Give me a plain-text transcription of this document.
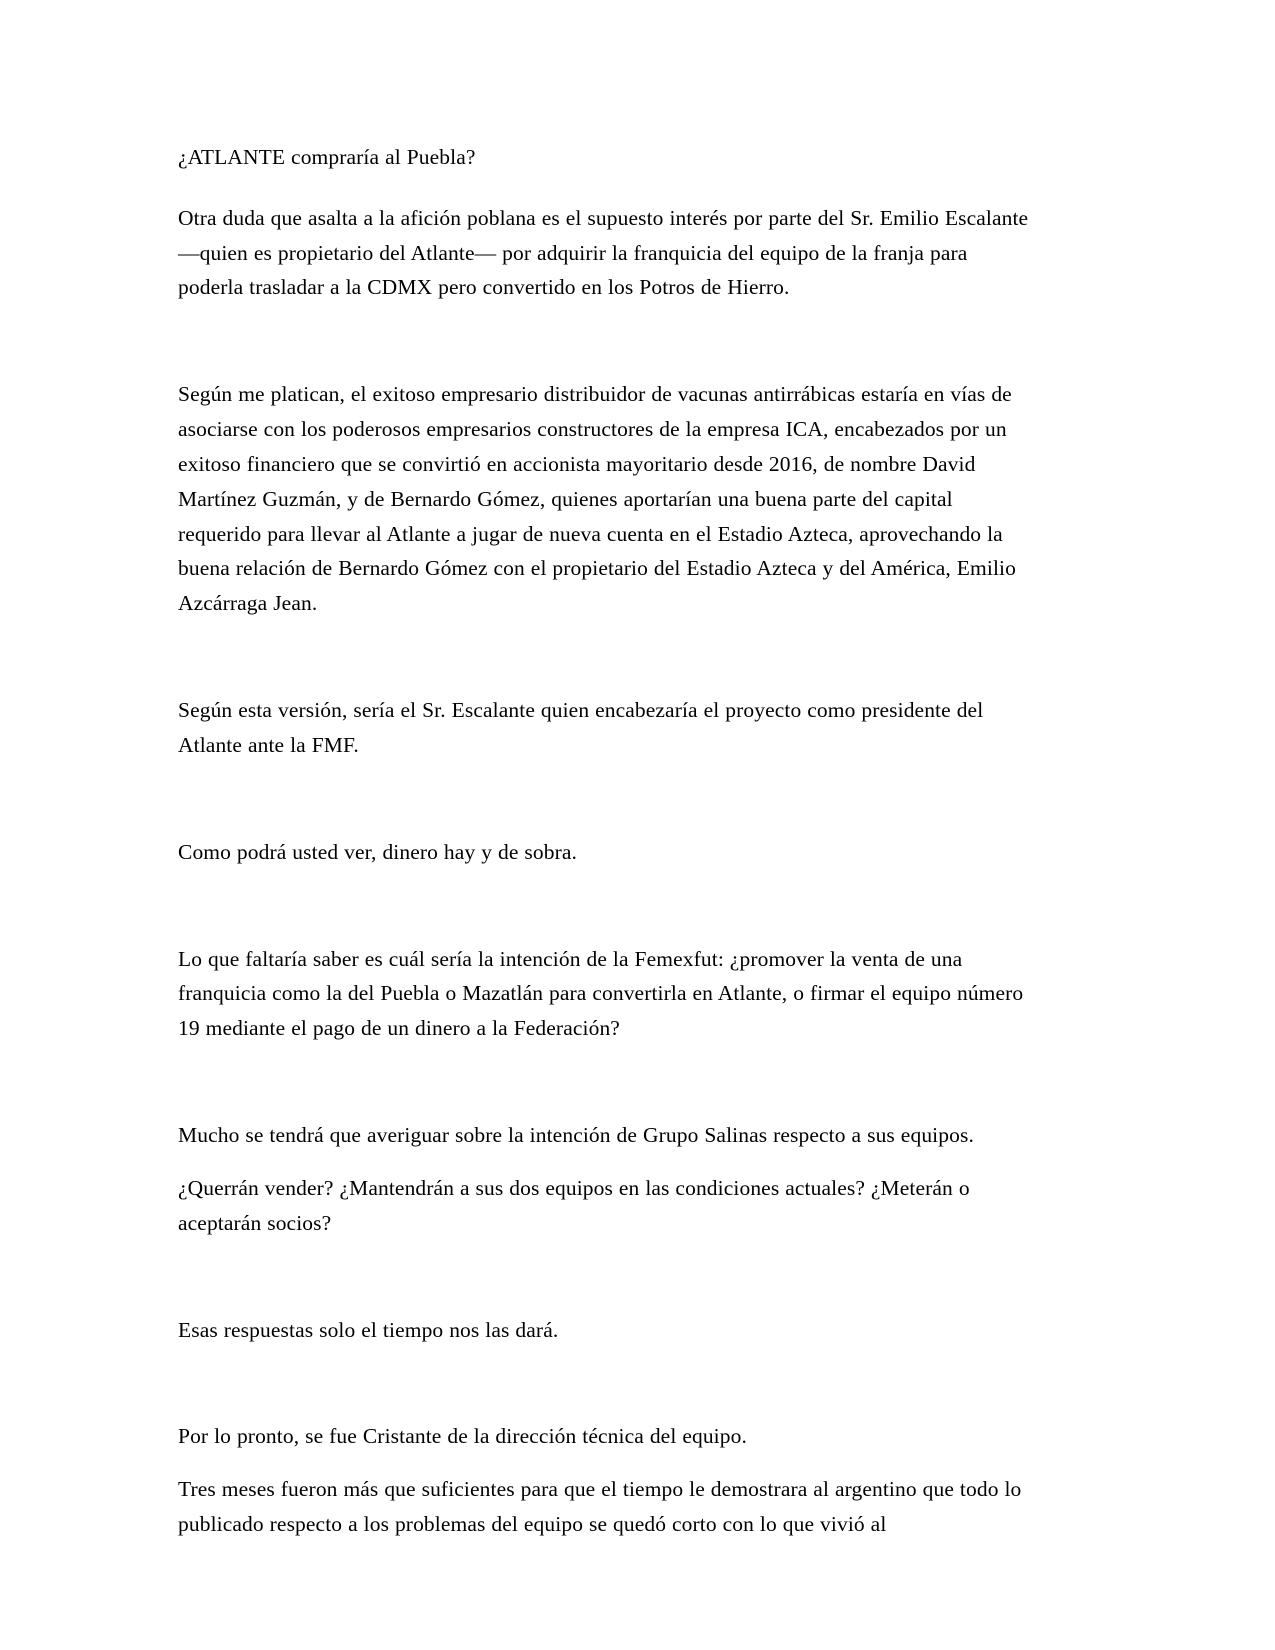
¿ATLANTE compraría al Puebla?

Otra duda que asalta a la afición poblana es el supuesto interés por parte del Sr. Emilio Escalante —quien es propietario del Atlante— por adquirir la franquicia del equipo de la franja para poderla trasladar a la CDMX pero convertido en los Potros de Hierro.

Según me platican, el exitoso empresario distribuidor de vacunas antirrábicas estaría en vías de asociarse con los poderosos empresarios constructores de la empresa ICA, encabezados por un exitoso financiero que se convirtió en accionista mayoritario desde 2016, de nombre David Martínez Guzmán, y de Bernardo Gómez, quienes aportarían una buena parte del capital requerido para llevar al Atlante a jugar de nueva cuenta en el Estadio Azteca, aprovechando la buena relación de Bernardo Gómez con el propietario del Estadio Azteca y del América, Emilio Azcárraga Jean.

Según esta versión, sería el Sr. Escalante quien encabezaría el proyecto como presidente del Atlante ante la FMF.

Como podrá usted ver, dinero hay y de sobra.

Lo que faltaría saber es cuál sería la intención de la Femexfut: ¿promover la venta de una franquicia como la del Puebla o Mazatlán para convertirla en Atlante, o firmar el equipo número 19 mediante el pago de un dinero a la Federación?

Mucho se tendrá que averiguar sobre la intención de Grupo Salinas respecto a sus equipos.

¿Querrán vender? ¿Mantendrán a sus dos equipos en las condiciones actuales? ¿Meterán o aceptarán socios?

Esas respuestas solo el tiempo nos las dará.

Por lo pronto, se fue Cristante de la dirección técnica del equipo.

Tres meses fueron más que suficientes para que el tiempo le demostrara al argentino que todo lo publicado respecto a los problemas del equipo se quedó corto con lo que vivió al
